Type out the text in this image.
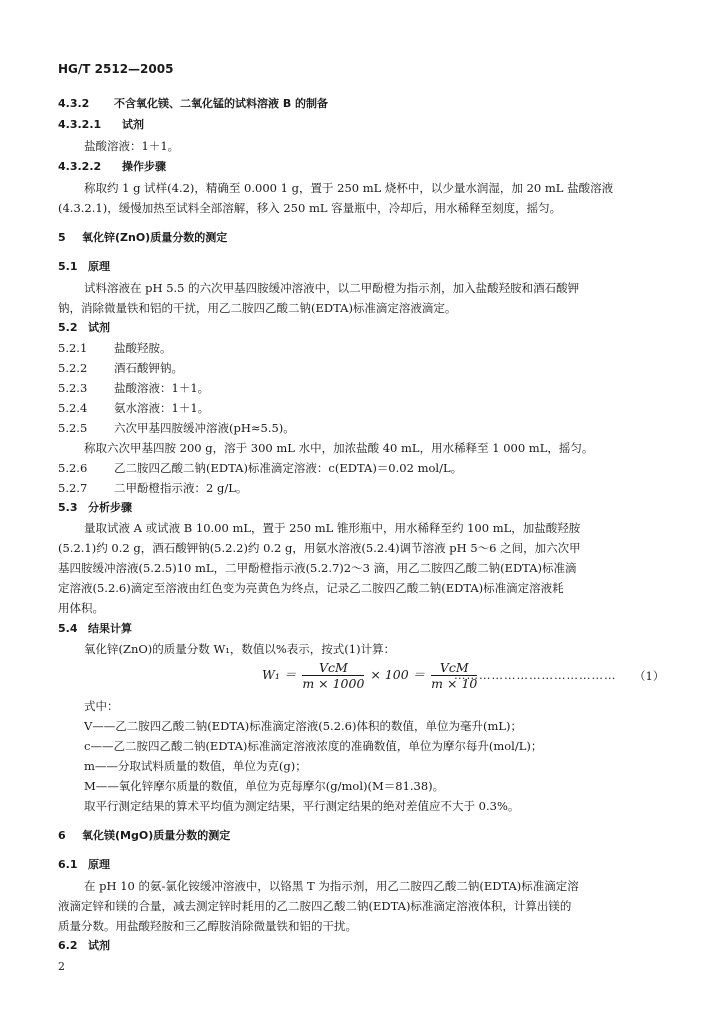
HG/T 2512—2005
4.3.2 不含氧化镁、二氧化锰的试料溶液 B 的制备
4.3.2.1 试剂
盐酸溶液：1＋1。
4.3.2.2 操作步骤
称取约 1 g 试样(4.2)，精确至 0.000 1 g，置于 250 mL 烧杯中，以少量水润湿，加 20 mL 盐酸溶液
(4.3.2.1)，缓慢加热至试料全部溶解，移入 250 mL 容量瓶中，冷却后，用水稀释至刻度，摇匀。
5 氧化锌(ZnO)质量分数的测定
5.1 原理
试料溶液在 pH 5.5 的六次甲基四胺缓冲溶液中，以二甲酚橙为指示剂，加入盐酸羟胺和酒石酸钾
钠，消除微量铁和铝的干扰，用乙二胺四乙酸二钠(EDTA)标准滴定溶液滴定。
5.2 试剂
5.2.1 盐酸羟胺。
5.2.2 酒石酸钾钠。
5.2.3 盐酸溶液：1＋1。
5.2.4 氨水溶液：1＋1。
5.2.5 六次甲基四胺缓冲溶液(pH≈5.5)。
称取六次甲基四胺 200 g，溶于 300 mL 水中，加浓盐酸 40 mL，用水稀释至 1 000 mL，摇匀。
5.2.6 乙二胺四乙酸二钠(EDTA)标准滴定溶液：c(EDTA)＝0.02 mol/L。
5.2.7 二甲酚橙指示液：2 g/L。
5.3 分析步骤
量取试液 A 或试液 B 10.00 mL，置于 250 mL 锥形瓶中，用水稀释至约 100 mL，加盐酸羟胺
(5.2.1)约 0.2 g，酒石酸钾钠(5.2.2)约 0.2 g，用氨水溶液(5.2.4)调节溶液 pH 5～6 之间，加六次甲
基四胺缓冲溶液(5.2.5)10 mL，二甲酚橙指示液(5.2.7)2～3 滴，用乙二胺四乙酸二钠(EDTA)标准滴
定溶液(5.2.6)滴定至溶液由红色变为亮黄色为终点，记录乙二胺四乙酸二钠(EDTA)标准滴定溶液耗
用体积。
5.4 结果计算
氧化锌(ZnO)的质量分数 W₁，数值以%表示，按式(1)计算：
$W_1 = \frac{\text{VcM}}{m \times 1000} \times 100 = \frac{\text{VcM}}{m \times 10}$
………………………………… （1）
式中：
V——乙二胺四乙酸二钠(EDTA)标准滴定溶液(5.2.6)体积的数值，单位为毫升(mL)；
c——乙二胺四乙酸二钠(EDTA)标准滴定溶液浓度的准确数值，单位为摩尔每升(mol/L)；
m——分取试料质量的数值，单位为克(g)；
M——氧化锌摩尔质量的数值，单位为克每摩尔(g/mol)(M＝81.38)。
取平行测定结果的算术平均值为测定结果，平行测定结果的绝对差值应不大于 0.3%。
6 氧化镁(MgO)质量分数的测定
6.1 原理
在 pH 10 的氨-氯化铵缓冲溶液中，以铬黑 T 为指示剂，用乙二胺四乙酸二钠(EDTA)标准滴定溶
液滴定锌和镁的合量，减去测定锌时耗用的乙二胺四乙酸二钠(EDTA)标准滴定溶液体积，计算出镁的
质量分数。用盐酸羟胺和三乙醇胺消除微量铁和铝的干扰。
6.2 试剂
2
